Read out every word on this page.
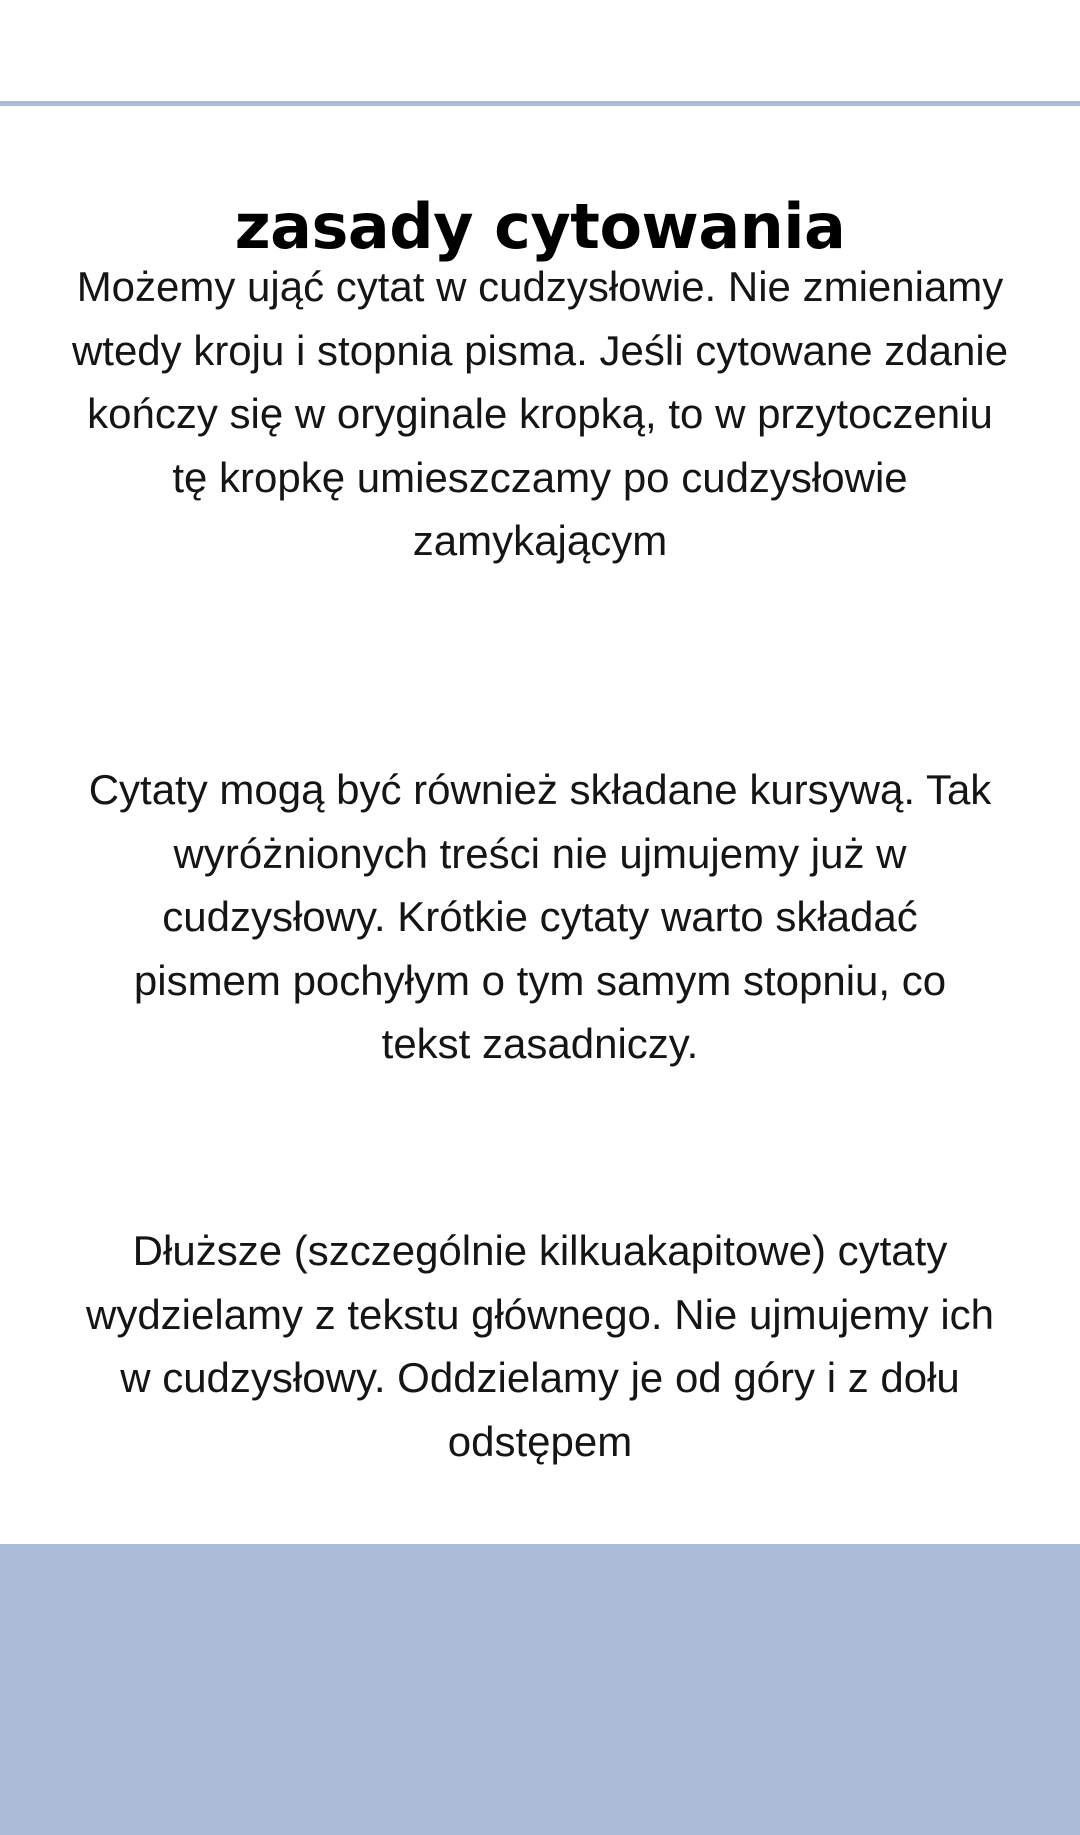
zasady cytowania

Możemy ująć cytat w cudzysłowie. Nie zmieniamy
wtedy kroju i stopnia pisma. Jeśli cytowane zdanie
kończy się w oryginale kropką, to w przytoczeniu
tę kropkę umieszczamy po cudzysłowie
zamykającym

Cytaty mogą być również składane kursywą. Tak
wyróżnionych treści nie ujmujemy już w
cudzysłowy. Krótkie cytaty warto składać
pismem pochyłym o tym samym stopniu, co
tekst zasadniczy.

Dłuższe (szczególnie kilkuakapitowe) cytaty
wydzielamy z tekstu głównego. Nie ujmujemy ich
w cudzysłowy. Oddzielamy je od góry i z dołu
odstępem
